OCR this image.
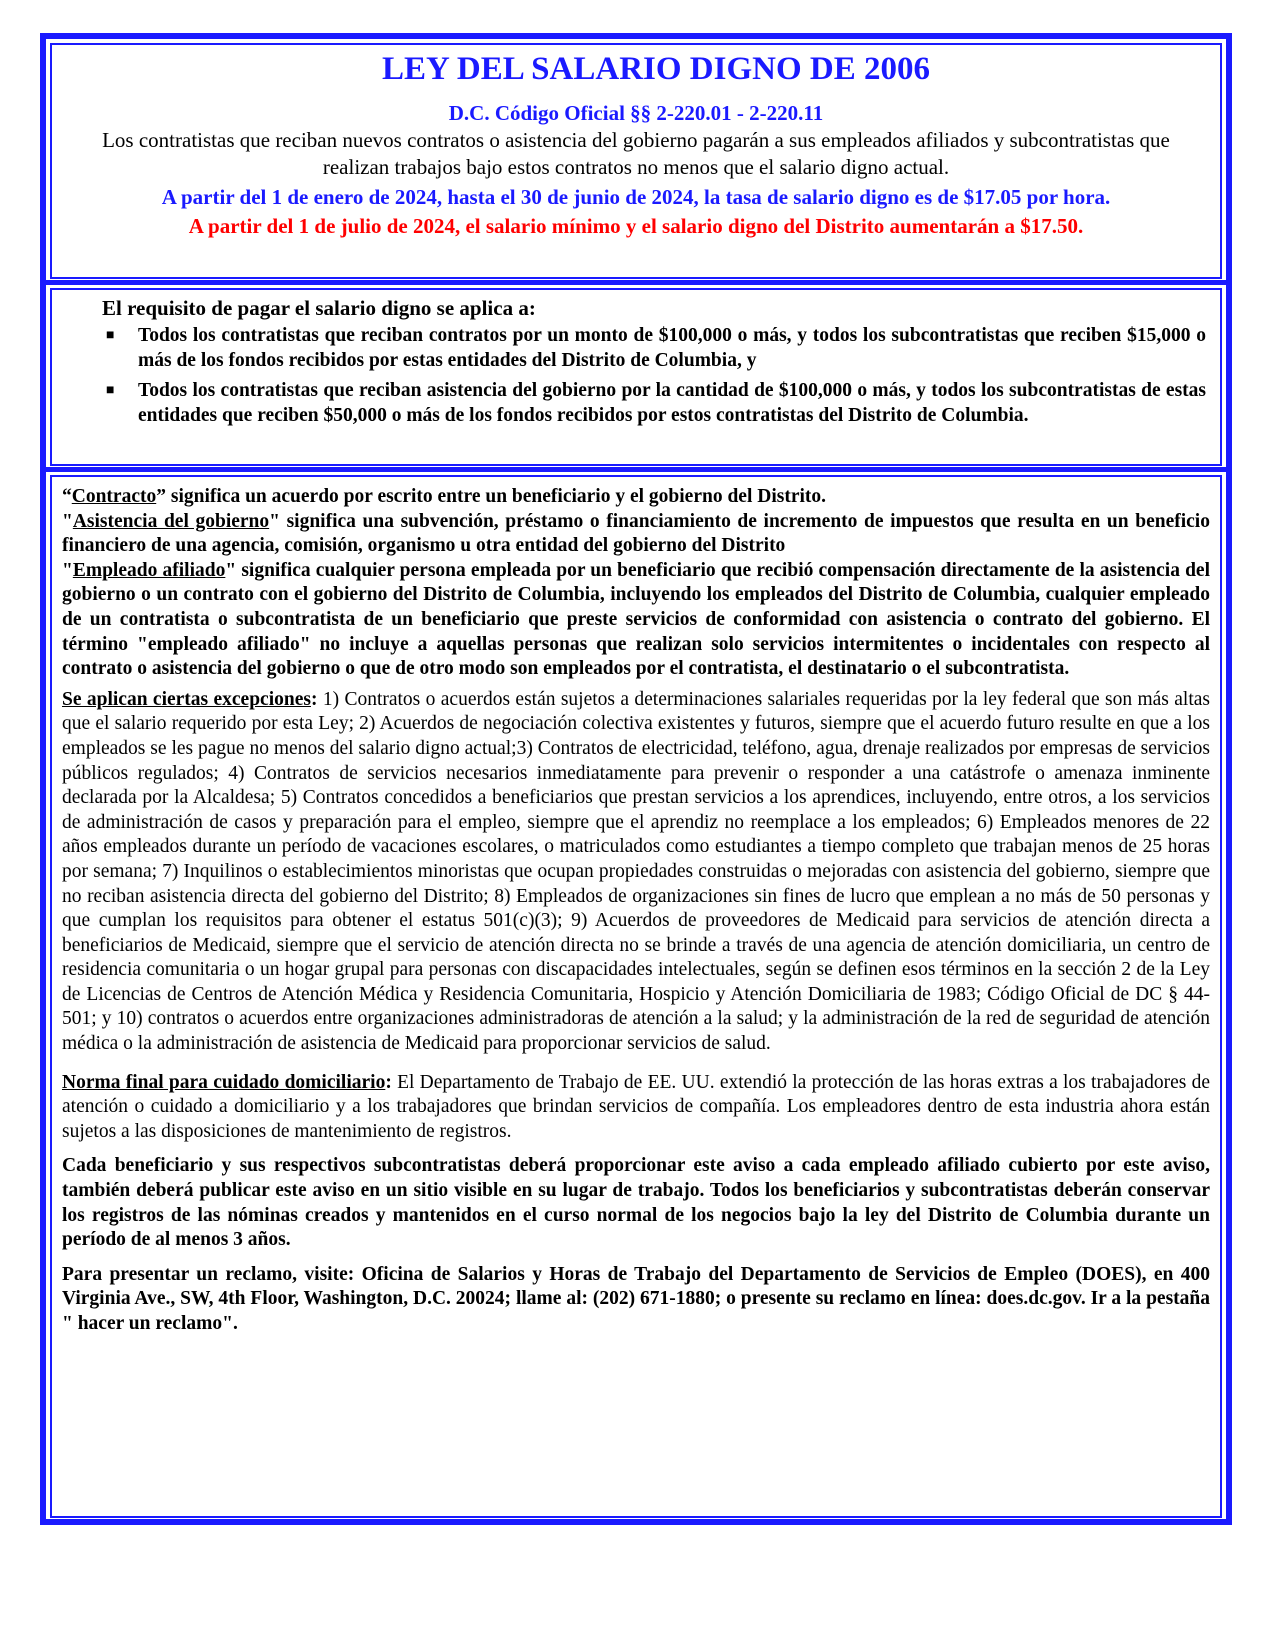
LEY DEL SALARIO DIGNO DE 2006
D.C. Código Oficial §§ 2-220.01 - 2-220.11
Los contratistas que reciban nuevos contratos o asistencia del gobierno pagarán a sus empleados afiliados y subcontratistas que realizan trabajos bajo estos contratos no menos que el salario digno actual.
A partir del 1 de enero de 2024, hasta el 30 de junio de 2024, la tasa de salario digno es de $17.05 por hora.
A partir del 1 de julio de 2024, el salario mínimo y el salario digno del Distrito aumentarán a $17.50.
El requisito de pagar el salario digno se aplica a:
■ Todos los contratistas que reciban contratos por un monto de $100,000 o más, y todos los subcontratistas que reciben $15,000 o más de los fondos recibidos por estas entidades del Distrito de Columbia, y
■ Todos los contratistas que reciban asistencia del gobierno por la cantidad de $100,000 o más, y todos los subcontratistas de estas entidades que reciben $50,000 o más de los fondos recibidos por estos contratistas del Distrito de Columbia.

“Contracto” significa un acuerdo por escrito entre un beneficiario y el gobierno del Distrito.

"Asistencia del gobierno" significa una subvención, préstamo o financiamiento de incremento de impuestos que resulta en un beneficio financiero de una agencia, comisión, organismo u otra entidad del gobierno del Distrito

"Empleado afiliado" significa cualquier persona empleada por un beneficiario que recibió compensación directamente de la asistencia del gobierno o un contrato con el gobierno del Distrito de Columbia, incluyendo los empleados del Distrito de Columbia, cualquier empleado de un contratista o subcontratista de un beneficiario que preste servicios de conformidad con asistencia o contrato del gobierno. El término "empleado afiliado" no incluye a aquellas personas que realizan solo servicios intermitentes o incidentales con respecto al contrato o asistencia del gobierno o que de otro modo son empleados por el contratista, el destinatario o el subcontratista.

Se aplican ciertas excepciones: 1) Contratos o acuerdos están sujetos a determinaciones salariales requeridas por la ley federal que son más altas que el salario requerido por esta Ley; 2) Acuerdos de negociación colectiva existentes y futuros, siempre que el acuerdo futuro resulte en que a los empleados se les pague no menos del salario digno actual;3) Contratos de electricidad, teléfono, agua, drenaje realizados por empresas de servicios públicos regulados; 4) Contratos de servicios necesarios inmediatamente para prevenir o responder a una catástrofe o amenaza inminente declarada por la Alcaldesa; 5) Contratos concedidos a beneficiarios que prestan servicios a los aprendices, incluyendo, entre otros, a los servicios de administración de casos y preparación para el empleo, siempre que el aprendiz no reemplace a los empleados; 6) Empleados menores de 22 años empleados durante un período de vacaciones escolares, o matriculados como estudiantes a tiempo completo que trabajan menos de 25 horas por semana; 7) Inquilinos o establecimientos minoristas que ocupan propiedades construidas o mejoradas con asistencia del gobierno, siempre que no reciban asistencia directa del gobierno del Distrito; 8) Empleados de organizaciones sin fines de lucro que emplean a no más de 50 personas y que cumplan los requisitos para obtener el estatus 501(c)(3); 9) Acuerdos de proveedores de Medicaid para servicios de atención directa a beneficiarios de Medicaid, siempre que el servicio de atención directa no se brinde a través de una agencia de atención domiciliaria, un centro de residencia comunitaria o un hogar grupal para personas con discapacidades intelectuales, según se definen esos términos en la sección 2 de la Ley de Licencias de Centros de Atención Médica y Residencia Comunitaria, Hospicio y Atención Domiciliaria de 1983; Código Oficial de DC § 44-501; y 10) contratos o acuerdos entre organizaciones administradoras de atención a la salud; y la administración de la red de seguridad de atención médica o la administración de asistencia de Medicaid para proporcionar servicios de salud.

Norma final para cuidado domiciliario: El Departamento de Trabajo de EE. UU. extendió la protección de las horas extras a los trabajadores de atención o cuidado a domiciliario y a los trabajadores que brindan servicios de compañía. Los empleadores dentro de esta industria ahora están sujetos a las disposiciones de mantenimiento de registros.

Cada beneficiario y sus respectivos subcontratistas deberá proporcionar este aviso a cada empleado afiliado cubierto por este aviso, también deberá publicar este aviso en un sitio visible en su lugar de trabajo. Todos los beneficiarios y subcontratistas deberán conservar los registros de las nóminas creados y mantenidos en el curso normal de los negocios bajo la ley del Distrito de Columbia durante un período de al menos 3 años.

Para presentar un reclamo, visite: Oficina de Salarios y Horas de Trabajo del Departamento de Servicios de Empleo (DOES), en 400 Virginia Ave., SW, 4th Floor, Washington, D.C. 20024; llame al: (202) 671-1880; o presente su reclamo en línea: does.dc.gov. Ir a la pestaña " hacer un reclamo".
